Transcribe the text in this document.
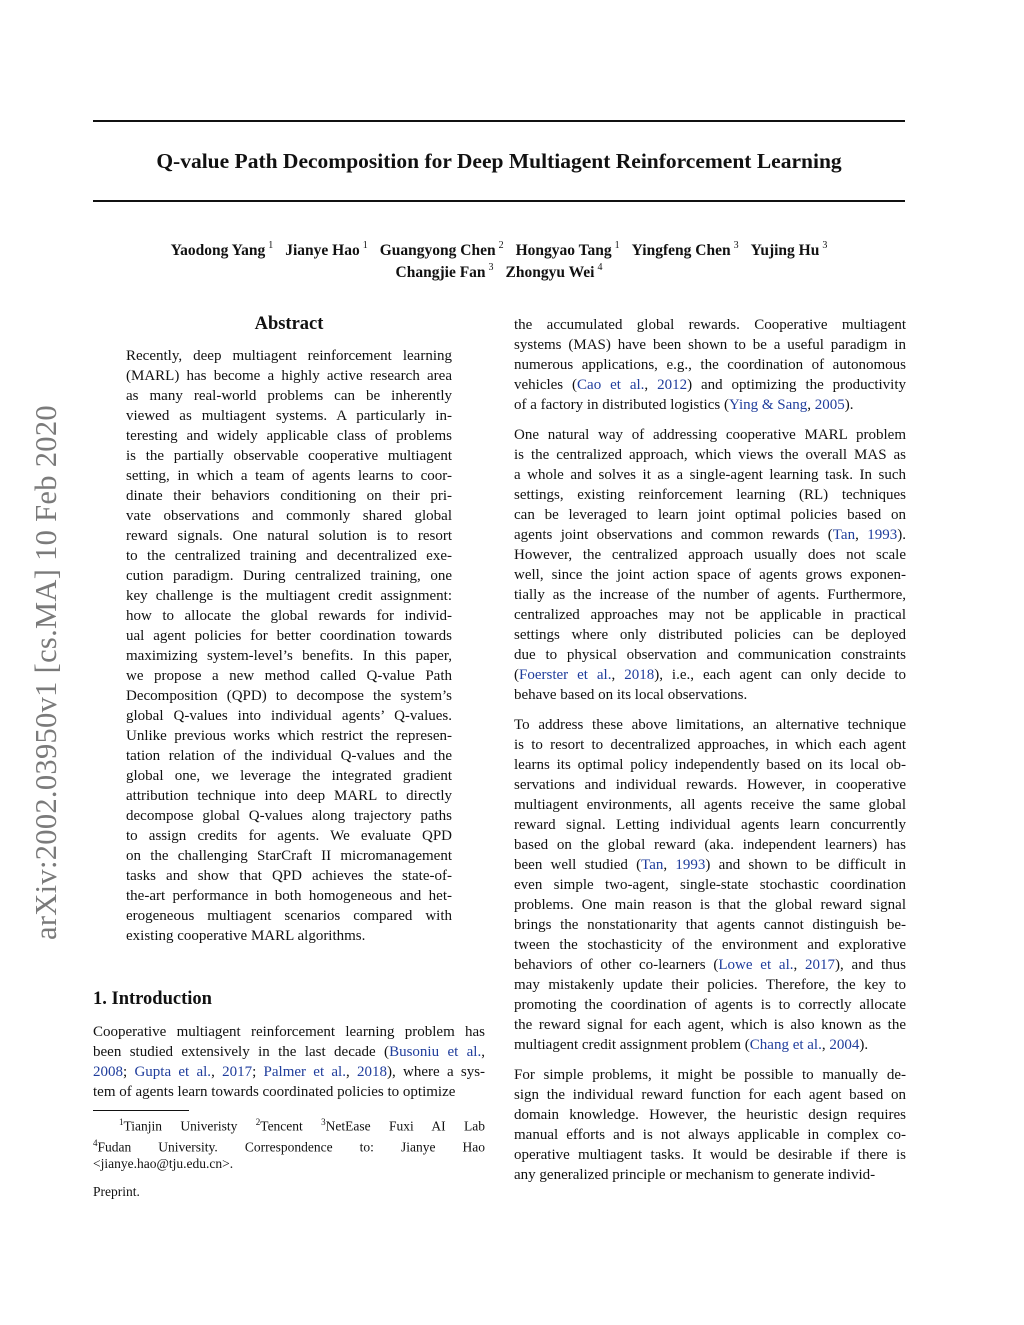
Q-value Path Decomposition for Deep Multiagent Reinforcement Learning
Yaodong Yang $^1$ Jianye Hao $^1$ Guangyong Chen $^2$ Hongyao Tang $^1$ Yingfeng Chen $^3$ Yujing Hu $^3$
Changjie Fan $^3$ Zhongyu Wei $^4$
arXiv:2002.03950v1 [cs.MA] 10 Feb 2020
Abstract
Recently, deep multiagent reinforcement learning
(MARL) has become a highly active research area
as many real-world problems can be inherently
viewed as multiagent systems. A particularly in-
teresting and widely applicable class of problems
is the partially observable cooperative multiagent
setting, in which a team of agents learns to coor-
dinate their behaviors conditioning on their pri-
vate observations and commonly shared global
reward signals. One natural solution is to resort
to the centralized training and decentralized exe-
cution paradigm. During centralized training, one
key challenge is the multiagent credit assignment:
how to allocate the global rewards for individ-
ual agent policies for better coordination towards
maximizing system-level’s benefits. In this paper,
we propose a new method called Q-value Path
Decomposition (QPD) to decompose the system’s
global Q-values into individual agents’ Q-values.
Unlike previous works which restrict the represen-
tation relation of the individual Q-values and the
global one, we leverage the integrated gradient
attribution technique into deep MARL to directly
decompose global Q-values along trajectory paths
to assign credits for agents. We evaluate QPD
on the challenging StarCraft II micromanagement
tasks and show that QPD achieves the state-of-
the-art performance in both homogeneous and het-
erogeneous multiagent scenarios compared with
existing cooperative MARL algorithms.
1. Introduction
Cooperative multiagent reinforcement learning problem has
been studied extensively in the last decade (Busoniu et al.,
2008; Gupta et al., 2017; Palmer et al., 2018), where a sys-
tem of agents learn towards coordinated policies to optimize
$^1$Tianjin Univeristy $^2$Tencent $^3$NetEase Fuxi AI Lab
$^4$Fudan University. Correspondence to: Jianye Hao
<jianye.hao@tju.edu.cn>.
Preprint.
the accumulated global rewards. Cooperative multiagent
systems (MAS) have been shown to be a useful paradigm in
numerous applications, e.g., the coordination of autonomous
vehicles (Cao et al., 2012) and optimizing the productivity
of a factory in distributed logistics (Ying & Sang, 2005).
One natural way of addressing cooperative MARL problem
is the centralized approach, which views the overall MAS as
a whole and solves it as a single-agent learning task. In such
settings, existing reinforcement learning (RL) techniques
can be leveraged to learn joint optimal policies based on
agents joint observations and common rewards (Tan, 1993).
However, the centralized approach usually does not scale
well, since the joint action space of agents grows exponen-
tially as the increase of the number of agents. Furthermore,
centralized approaches may not be applicable in practical
settings where only distributed policies can be deployed
due to physical observation and communication constraints
(Foerster et al., 2018), i.e., each agent can only decide to
behave based on its local observations.
To address these above limitations, an alternative technique
is to resort to decentralized approaches, in which each agent
learns its optimal policy independently based on its local ob-
servations and individual rewards. However, in cooperative
multiagent environments, all agents receive the same global
reward signal. Letting individual agents learn concurrently
based on the global reward (aka. independent learners) has
been well studied (Tan, 1993) and shown to be difficult in
even simple two-agent, single-state stochastic coordination
problems. One main reason is that the global reward signal
brings the nonstationarity that agents cannot distinguish be-
tween the stochasticity of the environment and explorative
behaviors of other co-learners (Lowe et al., 2017), and thus
may mistakenly update their policies. Therefore, the key to
promoting the coordination of agents is to correctly allocate
the reward signal for each agent, which is also known as the
multiagent credit assignment problem (Chang et al., 2004).
For simple problems, it might be possible to manually de-
sign the individual reward function for each agent based on
domain knowledge. However, the heuristic design requires
manual efforts and is not always applicable in complex co-
operative multiagent tasks. It would be desirable if there is
any generalized principle or mechanism to generate individ-
